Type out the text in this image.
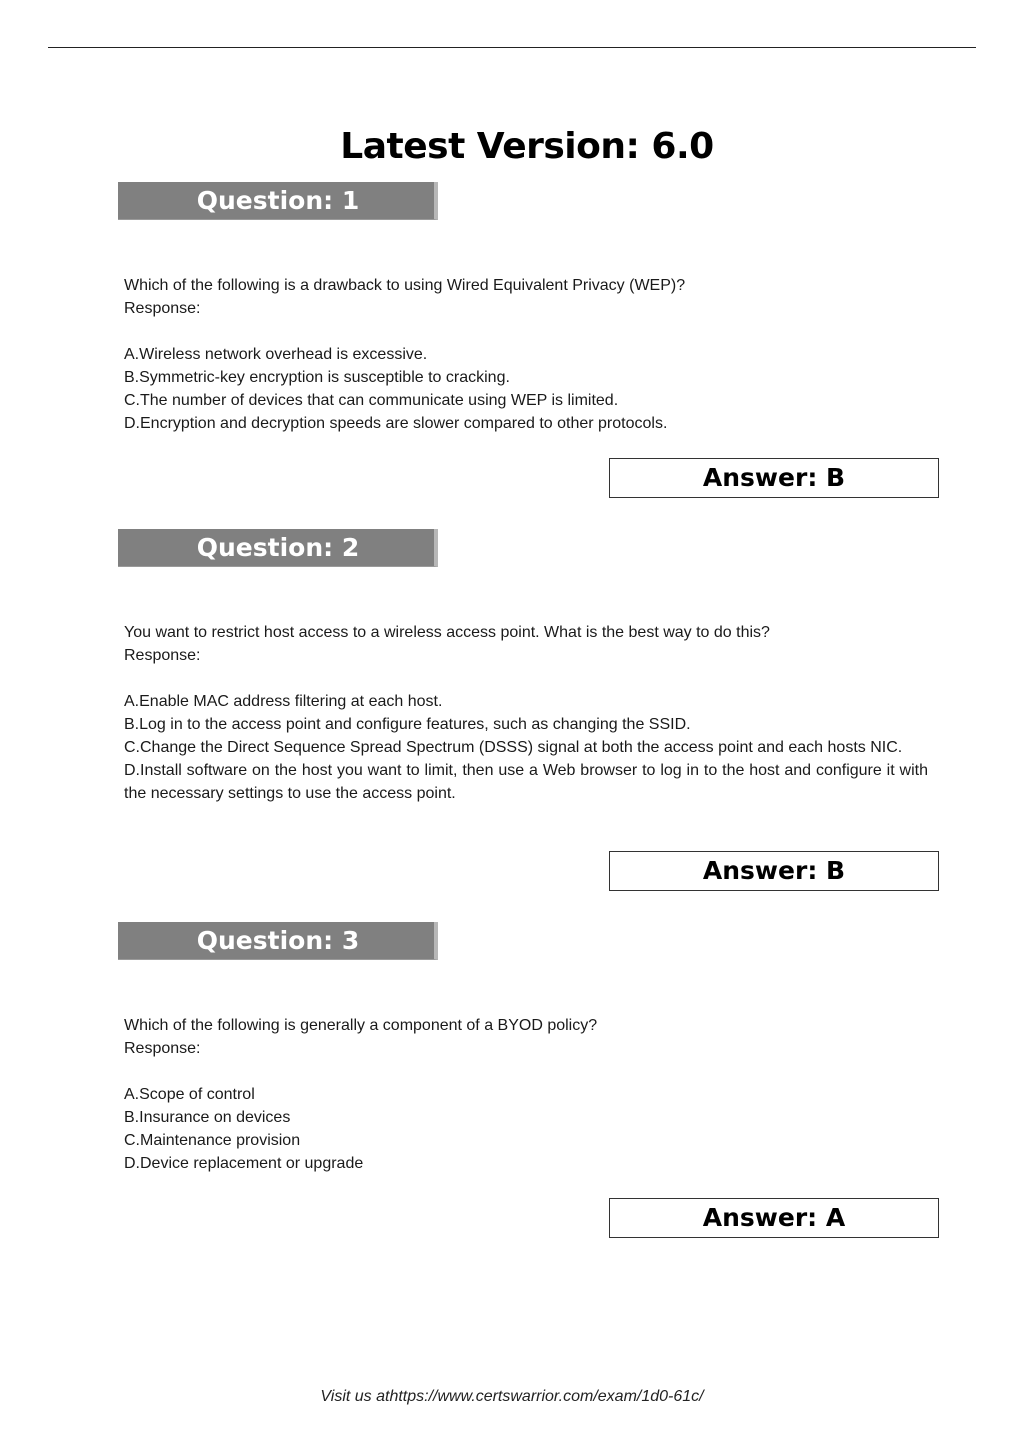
Latest Version: 6.0
Question: 1
Which of the following is a drawback to using Wired Equivalent Privacy (WEP)?
Response:
A.Wireless network overhead is excessive.
B.Symmetric-key encryption is susceptible to cracking.
C.The number of devices that can communicate using WEP is limited.
D.Encryption and decryption speeds are slower compared to other protocols.
Answer: B
Question: 2
You want to restrict host access to a wireless access point. What is the best way to do this?
Response:
A.Enable MAC address filtering at each host.
B.Log in to the access point and configure features, such as changing the SSID.
C.Change the Direct Sequence Spread Spectrum (DSSS) signal at both the access point and each hosts NIC.
D.Install software on the host you want to limit, then use a Web browser to log in to the host and configure it with the necessary settings to use the access point.
Answer: B
Question: 3
Which of the following is generally a component of a BYOD policy?
Response:
A.Scope of control
B.Insurance on devices
C.Maintenance provision
D.Device replacement or upgrade
Answer: A
Visit us athttps://www.certswarrior.com/exam/1d0-61c/
